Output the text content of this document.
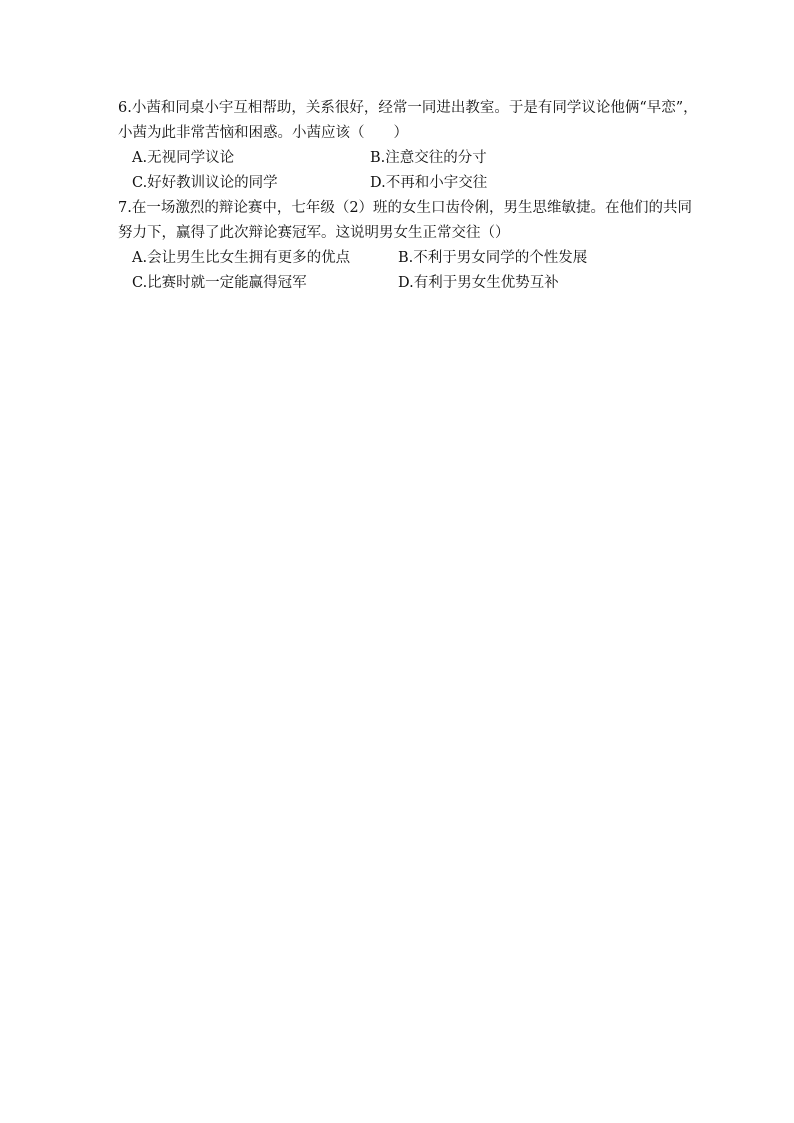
6.小茜和同桌小宇互相帮助，关系很好，经常一同进出教室。于是有同学议论他俩“早恋”，
小茜为此非常苦恼和困惑。小茜应该（　　）
A.无视同学议论	B.注意交往的分寸
C.好好教训议论的同学	D.不再和小宇交往
7.在一场激烈的辩论赛中，七年级（2）班的女生口齿伶俐，男生思维敏捷。在他们的共同
努力下，赢得了此次辩论赛冠军。这说明男女生正常交往（）
A.会让男生比女生拥有更多的优点	B.不利于男女同学的个性发展
C.比赛时就一定能赢得冠军	D.有利于男女生优势互补
